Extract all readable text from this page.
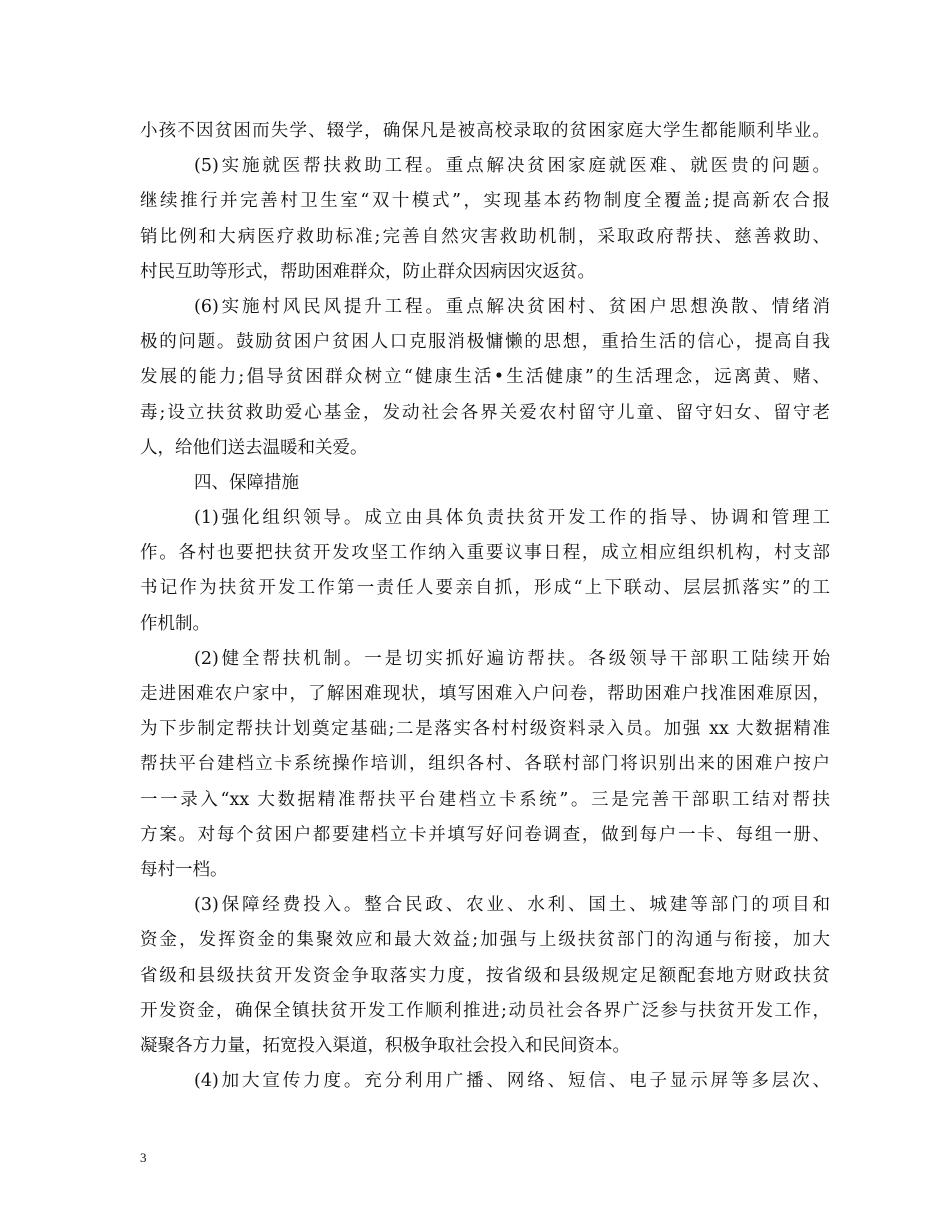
小孩不因贫困而失学、辍学，确保凡是被高校录取的贫困家庭大学生都能顺利毕业。
(5)实施就医帮扶救助工程。重点解决贫困家庭就医难、就医贵的问题。
继续推行并完善村卫生室“双十模式”，实现基本药物制度全覆盖;提高新农合报
销比例和大病医疗救助标准;完善自然灾害救助机制，采取政府帮扶、慈善救助、
村民互助等形式，帮助困难群众，防止群众因病因灾返贫。
(6)实施村风民风提升工程。重点解决贫困村、贫困户思想涣散、情绪消
极的问题。鼓励贫困户贫困人口克服消极慵懒的思想，重拾生活的信心，提高自我
发展的能力;倡导贫困群众树立“健康生活•生活健康”的生活理念，远离黄、赌、
毒;设立扶贫救助爱心基金，发动社会各界关爱农村留守儿童、留守妇女、留守老
人，给他们送去温暖和关爱。
四、保障措施
(1)强化组织领导。成立由具体负责扶贫开发工作的指导、协调和管理工
作。各村也要把扶贫开发攻坚工作纳入重要议事日程，成立相应组织机构，村支部
书记作为扶贫开发工作第一责任人要亲自抓，形成“上下联动、层层抓落实”的工
作机制。
(2)健全帮扶机制。一是切实抓好遍访帮扶。各级领导干部职工陆续开始
走进困难农户家中，了解困难现状，填写困难入户问卷，帮助困难户找准困难原因，
为下步制定帮扶计划奠定基础;二是落实各村村级资料录入员。加强 xx 大数据精准
帮扶平台建档立卡系统操作培训，组织各村、各联村部门将识别出来的困难户按户
一一录入“xx 大数据精准帮扶平台建档立卡系统”。三是完善干部职工结对帮扶
方案。对每个贫困户都要建档立卡并填写好问卷调查，做到每户一卡、每组一册、
每村一档。
(3)保障经费投入。整合民政、农业、水利、国土、城建等部门的项目和
资金，发挥资金的集聚效应和最大效益;加强与上级扶贫部门的沟通与衔接，加大
省级和县级扶贫开发资金争取落实力度，按省级和县级规定足额配套地方财政扶贫
开发资金，确保全镇扶贫开发工作顺利推进;动员社会各界广泛参与扶贫开发工作，
凝聚各方力量，拓宽投入渠道，积极争取社会投入和民间资本。
(4)加大宣传力度。充分利用广播、网络、短信、电子显示屏等多层次、
3
